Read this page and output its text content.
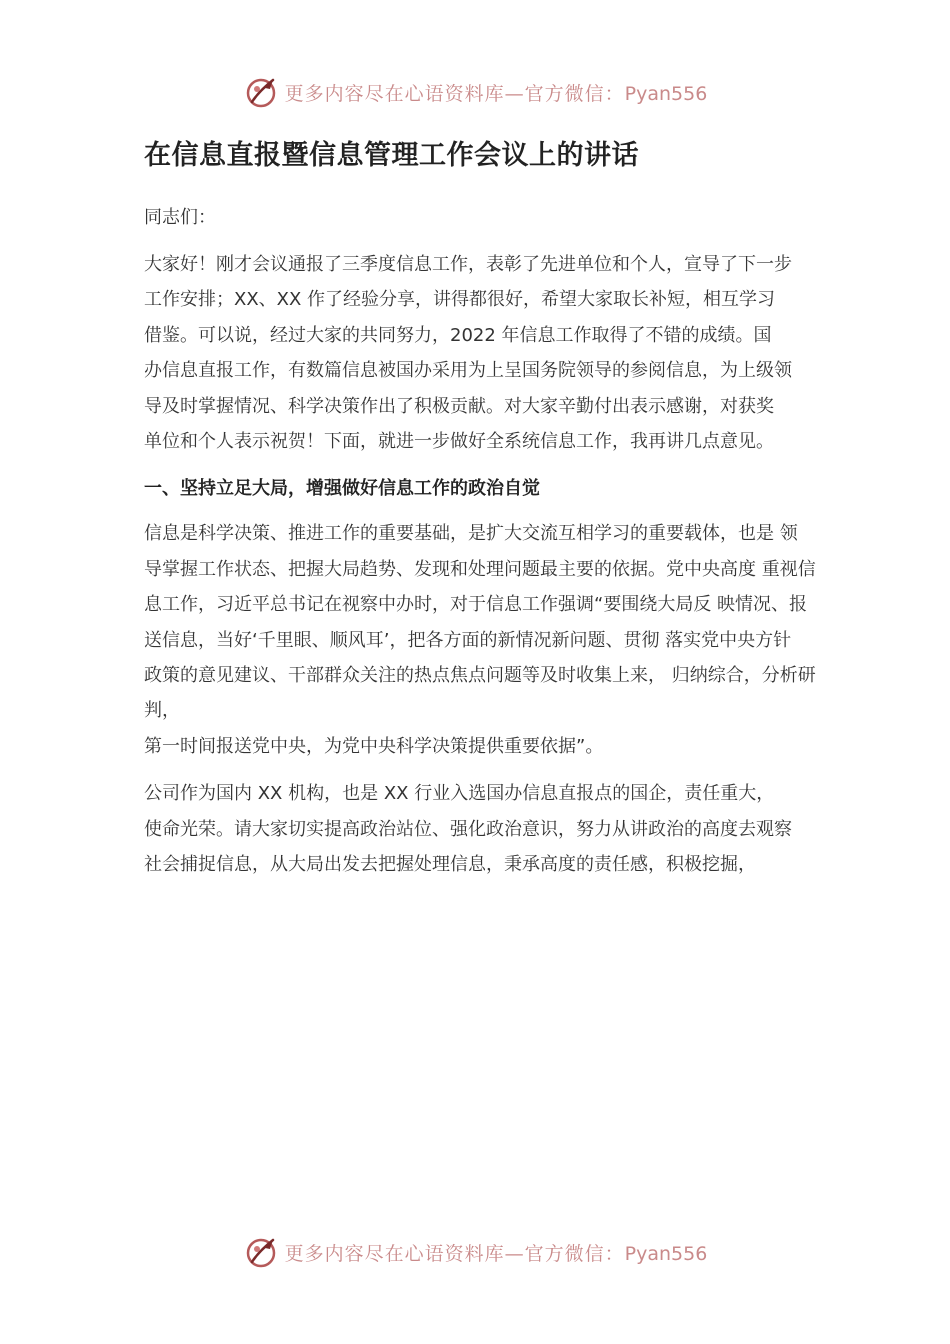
更多内容尽在心语资料库—官方微信：Pyan556
在信息直报暨信息管理工作会议上的讲话

同志们：

大家好！刚才会议通报了三季度信息工作，表彰了先进单位和个人，宣导了下一步
工作安排；XX、XX 作了经验分享，讲得都很好，希望大家取长补短，相互学习
借鉴。可以说，经过大家的共同努力，2022 年信息工作取得了不错的成绩。国
办信息直报工作，有数篇信息被国办采用为上呈国务院领导的参阅信息，为上级领
导及时掌握情况、科学决策作出了积极贡献。对大家辛勤付出表示感谢，对获奖
单位和个人表示祝贺！下面，就进一步做好全系统信息工作，我再讲几点意见。

一、坚持立足大局，增强做好信息工作的政治自觉

信息是科学决策、推进工作的重要基础，是扩大交流互相学习的重要载体，也是 领
导掌握工作状态、把握大局趋势、发现和处理问题最主要的依据。党中央高度 重视信
息工作，习近平总书记在视察中办时，对于信息工作强调“要围绕大局反 映情况、报
送信息，当好‘千里眼、顺风耳’，把各方面的新情况新问题、贯彻 落实党中央方针
政策的意见建议、干部群众关注的热点焦点问题等及时收集上来， 归纳综合，分析研判，
第一时间报送党中央，为党中央科学决策提供重要依据”。

公司作为国内 XX 机构，也是 XX 行业入选国办信息直报点的国企，责任重大，
使命光荣。请大家切实提高政治站位、强化政治意识，努力从讲政治的高度去观察
社会捕捉信息，从大局出发去把握处理信息，秉承高度的责任感，积极挖掘，

更多内容尽在心语资料库—官方微信：Pyan556
